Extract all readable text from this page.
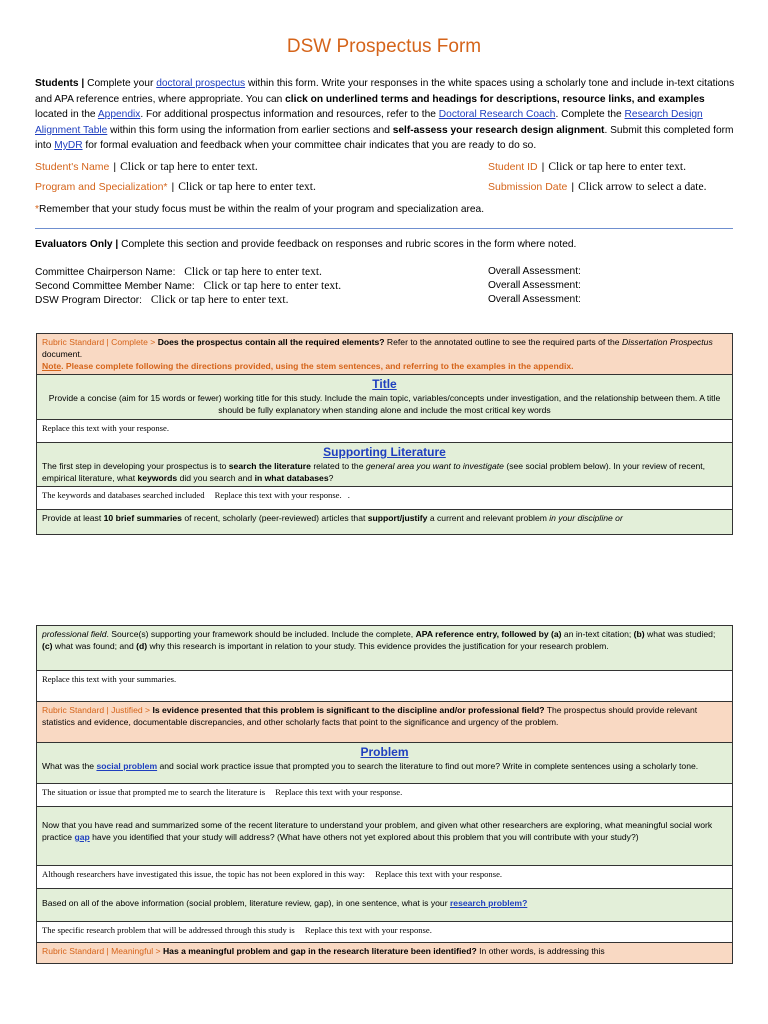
DSW Prospectus Form
Students | Complete your doctoral prospectus within this form. Write your responses in the white spaces using a scholarly tone and include in-text citations and APA reference entries, where appropriate. You can click on underlined terms and headings for descriptions, resource links, and examples located in the Appendix. For additional prospectus information and resources, refer to the Doctoral Research Coach. Complete the Research Design Alignment Table within this form using the information from earlier sections and self-assess your research design alignment. Submit this completed form into MyDR for formal evaluation and feedback when your committee chair indicates that you are ready to do so.
Student's Name | Click or tap here to enter text.	Student ID | Click or tap here to enter text.
Program and Specialization* | Click or tap here to enter text.	Submission Date | Click arrow to select a date.
*Remember that your study focus must be within the realm of your program and specialization area.
Evaluators Only | Complete this section and provide feedback on responses and rubric scores in the form where noted.
Committee Chairperson Name: Click or tap here to enter text.	Overall Assessment:
Second Committee Member Name: Click or tap here to enter text.	Overall Assessment:
DSW Program Director: Click or tap here to enter text.	Overall Assessment:
Rubric Standard | Complete > Does the prospectus contain all the required elements? Refer to the annotated outline to see the required parts of the Dissertation Prospectus document.
Note. Please complete following the directions provided, using the stem sentences, and referring to the examples in the appendix.

Title
Provide a concise (aim for 15 words or fewer) working title for this study. Include the main topic, variables/concepts under investigation, and the relationship between them. A title should be fully explanatory when standing alone and include the most critical key words
Replace this text with your response.

Supporting Literature
The first step in developing your prospectus is to search the literature related to the general area you want to investigate (see social problem below). In your review of recent, empirical literature, what keywords did you search and in what databases?
The keywords and databases searched included Replace this text with your response. .
Provide at least 10 brief summaries of recent, scholarly (peer-reviewed) articles that support/justify a current and relevant problem in your discipline or
professional field. Source(s) supporting your framework should be included. Include the complete, APA reference entry, followed by (a) an in-text citation; (b) what was studied; (c) what was found; and (d) why this research is important in relation to your study. This evidence provides the justification for your research problem.
Replace this text with your summaries.
Rubric Standard | Justified > Is evidence presented that this problem is significant to the discipline and/or professional field? The prospectus should provide relevant statistics and evidence, documentable discrepancies, and other scholarly facts that point to the significance and urgency of the problem.

Problem
What was the social problem and social work practice issue that prompted you to search the literature to find out more? Write in complete sentences using a scholarly tone.
The situation or issue that prompted me to search the literature is Replace this text with your response.
Now that you have read and summarized some of the recent literature to understand your problem, and given what other researchers are exploring, what meaningful social work practice gap have you identified that your study will address? (What have others not yet explored about this problem that you will contribute with your study?)
Although researchers have investigated this issue, the topic has not been explored in this way: Replace this text with your response.
Based on all of the above information (social problem, literature review, gap), in one sentence, what is your research problem?
The specific research problem that will be addressed through this study is Replace this text with your response.
Rubric Standard | Meaningful > Has a meaningful problem and gap in the research literature been identified? In other words, is addressing this
